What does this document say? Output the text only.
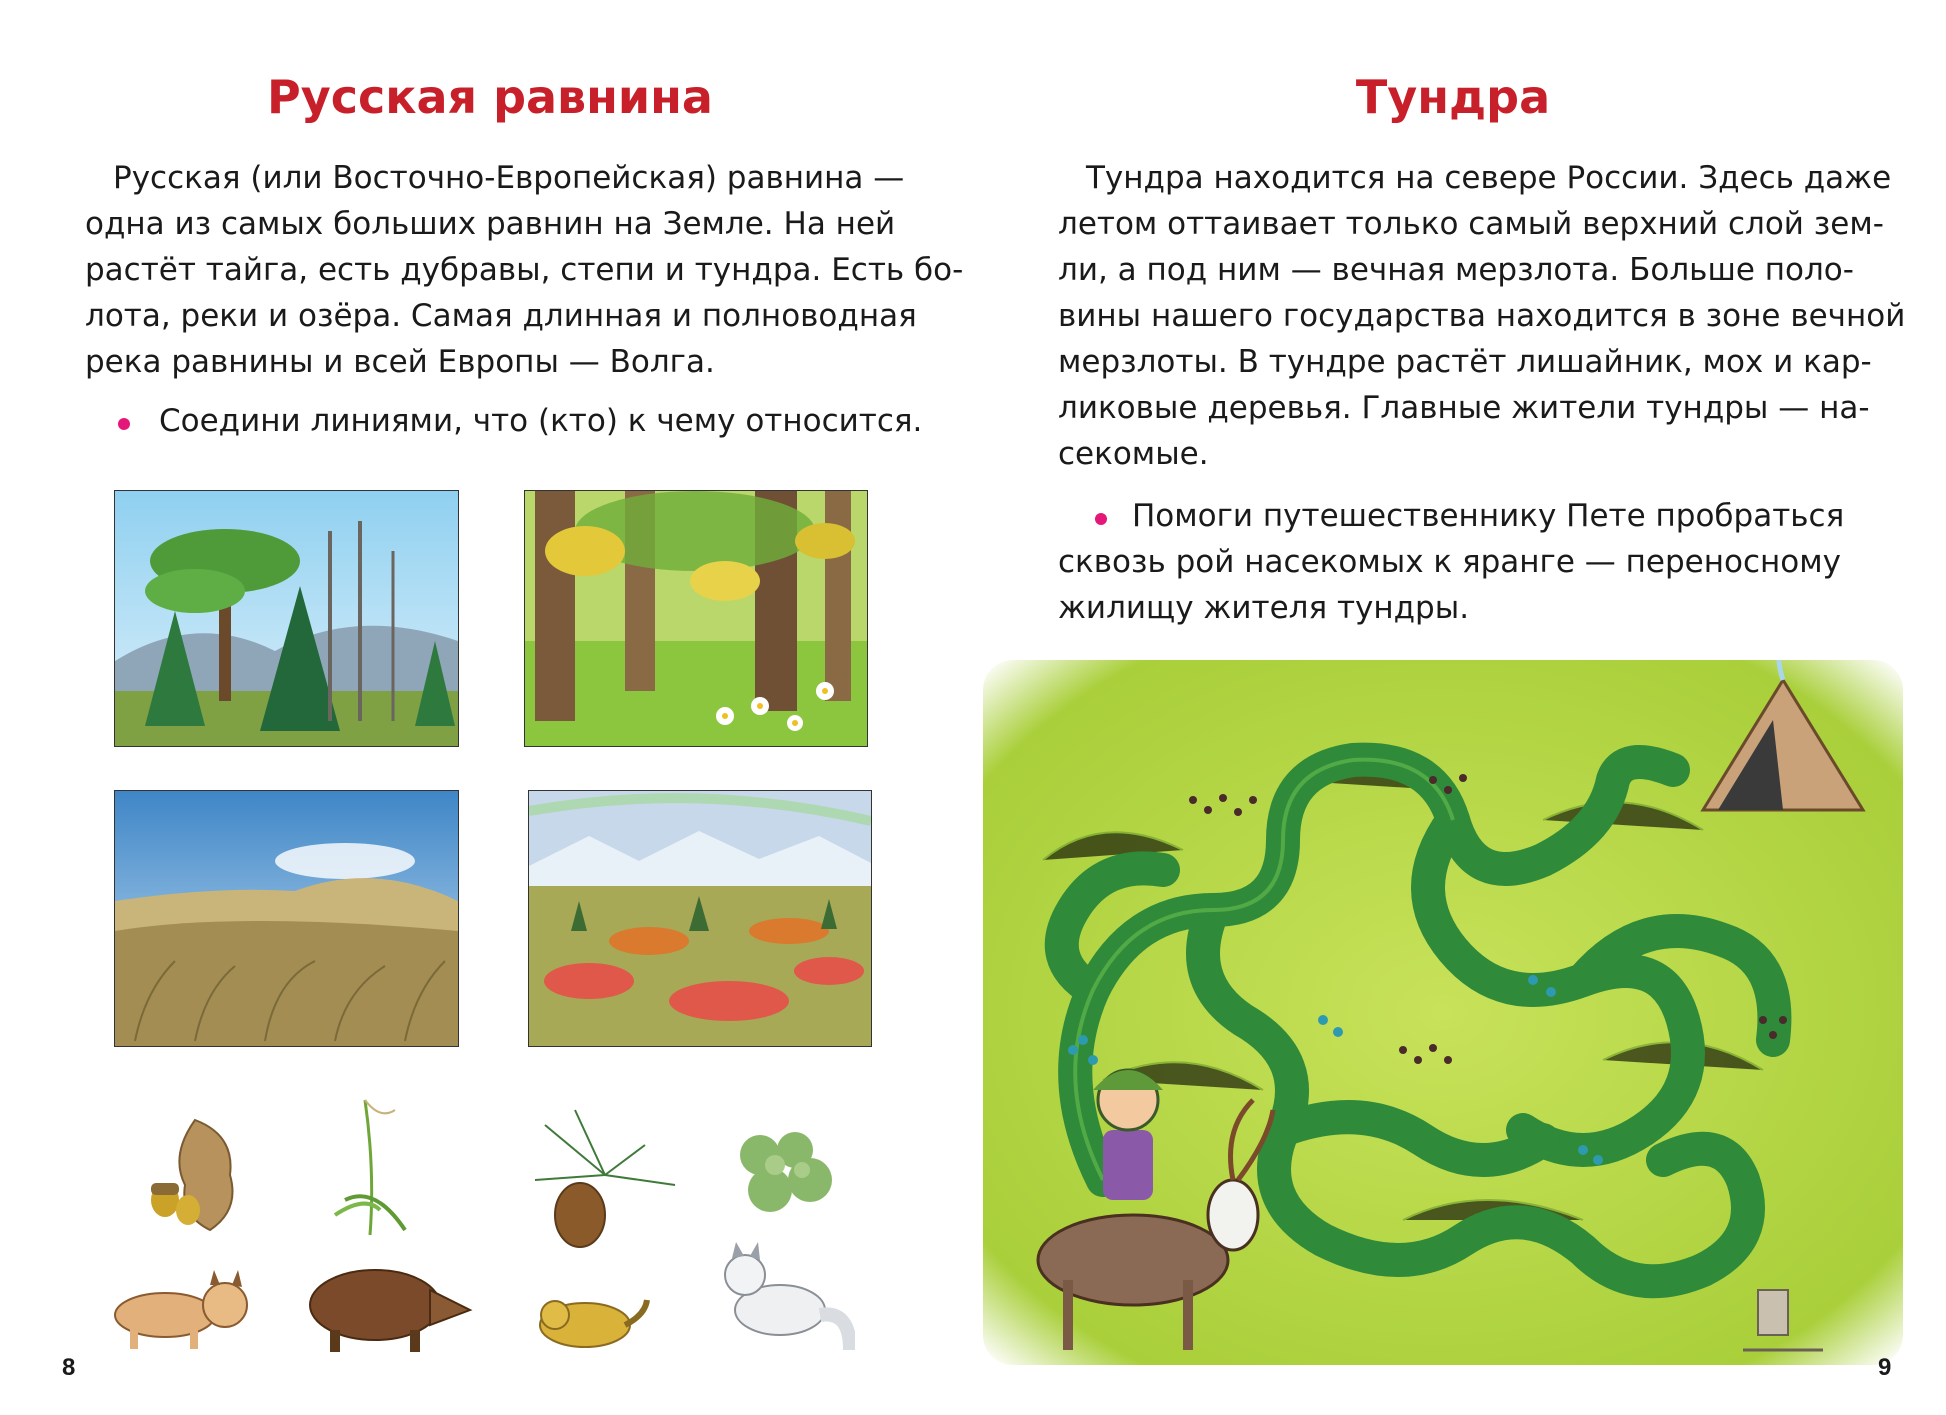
Русская равнина

Русская (или Восточно-Европейская) равнина —
одна из самых больших равнин на Земле. На ней
растёт тайга, есть дубравы, степи и тундра. Есть бо-
лота, реки и озёра. Самая длинная и полноводная
река равнины и всей Европы — Волга.

Соедини линиями, что (кто) к чему относится.

8
Тундра

Тундра находится на севере России. Здесь даже
летом оттаивает только самый верхний слой зем-
ли, а под ним — вечная мерзлота. Больше поло-
вины нашего государства находится в зоне вечной
мерзлоты. В тундре растёт лишайник, мох и кар-
ликовые деревья. Главные жители тундры — на-
секомые.

Помоги путешественнику Пете пробраться
сквозь рой насекомых к яранге — переносному
жилищу жителя тундры.

9
